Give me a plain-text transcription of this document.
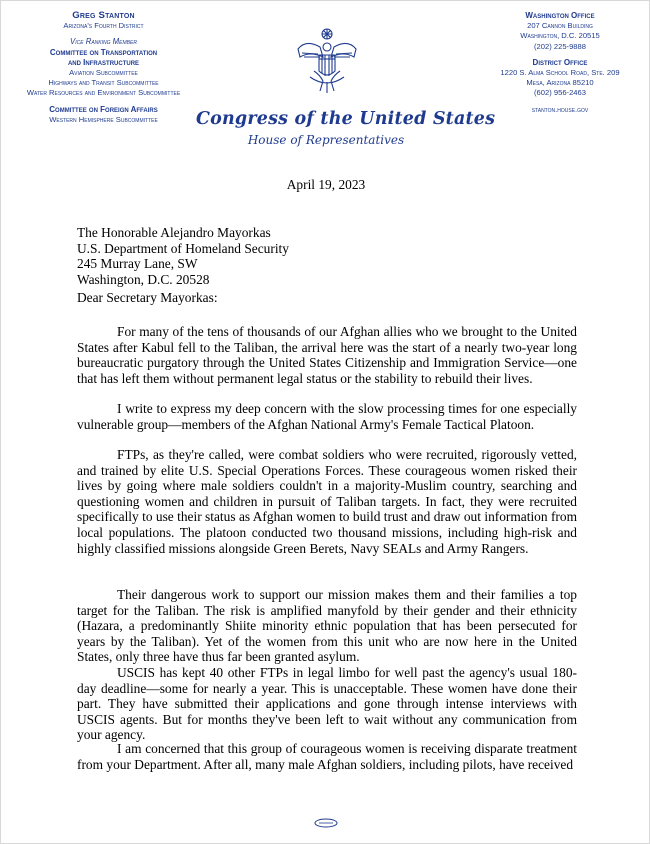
Greg Stanton
Arizona's Fourth District
Vice Ranking Member
Committee on Transportation
and Infrastructure
Aviation Subcommittee
Highways and Transit Subcommittee
Water Resources and Environment Subcommittee
Committee on Foreign Affairs
Western Hemisphere Subcommittee	Congress of the United States
House of Representatives
Washington Office
207 Cannon Building
Washington, D.C. 20515
(202) 225-9888
District Office
1220 S. Alma School Road, Ste. 209
Mesa, Arizona 85210
(602) 956-2463
stanton.house.gov
April 19, 2023
The Honorable Alejandro Mayorkas
U.S. Department of Homeland Security
245 Murray Lane, SW
Washington, D.C. 20528
Dear Secretary Mayorkas:

For many of the tens of thousands of our Afghan allies who we brought to the United States after Kabul fell to the Taliban, the arrival here was the start of a nearly two-year long bureaucratic purgatory through the United States Citizenship and Immigration Service—one that has left them without permanent legal status or the stability to rebuild their lives.

I write to express my deep concern with the slow processing times for one especially vulnerable group—members of the Afghan National Army's Female Tactical Platoon.

FTPs, as they're called, were combat soldiers who were recruited, rigorously vetted, and trained by elite U.S. Special Operations Forces. These courageous women risked their lives by going where male soldiers couldn't in a majority-Muslim country, searching and questioning women and children in pursuit of Taliban targets. In fact, they were recruited specifically to use their status as Afghan women to build trust and draw out information from local populations. The platoon conducted two thousand missions, including high-risk and highly classified missions alongside Green Berets, Navy SEALs and Army Rangers.

Their dangerous work to support our mission makes them and their families a top target for the Taliban. The risk is amplified manyfold by their gender and their ethnicity (Hazara, a predominantly Shiite minority ethnic population that has been persecuted for years by the Taliban). Yet of the women from this unit who are now here in the United States, only three have thus far been granted asylum.

USCIS has kept 40 other FTPs in legal limbo for well past the agency's usual 180-day deadline—some for nearly a year. This is unacceptable. These women have done their part. They have submitted their applications and gone through intense interviews with USCIS agents. But for months they've been left to wait without any communication from your agency.

I am concerned that this group of courageous women is receiving disparate treatment from your Department. After all, many male Afghan soldiers, including pilots, have received
